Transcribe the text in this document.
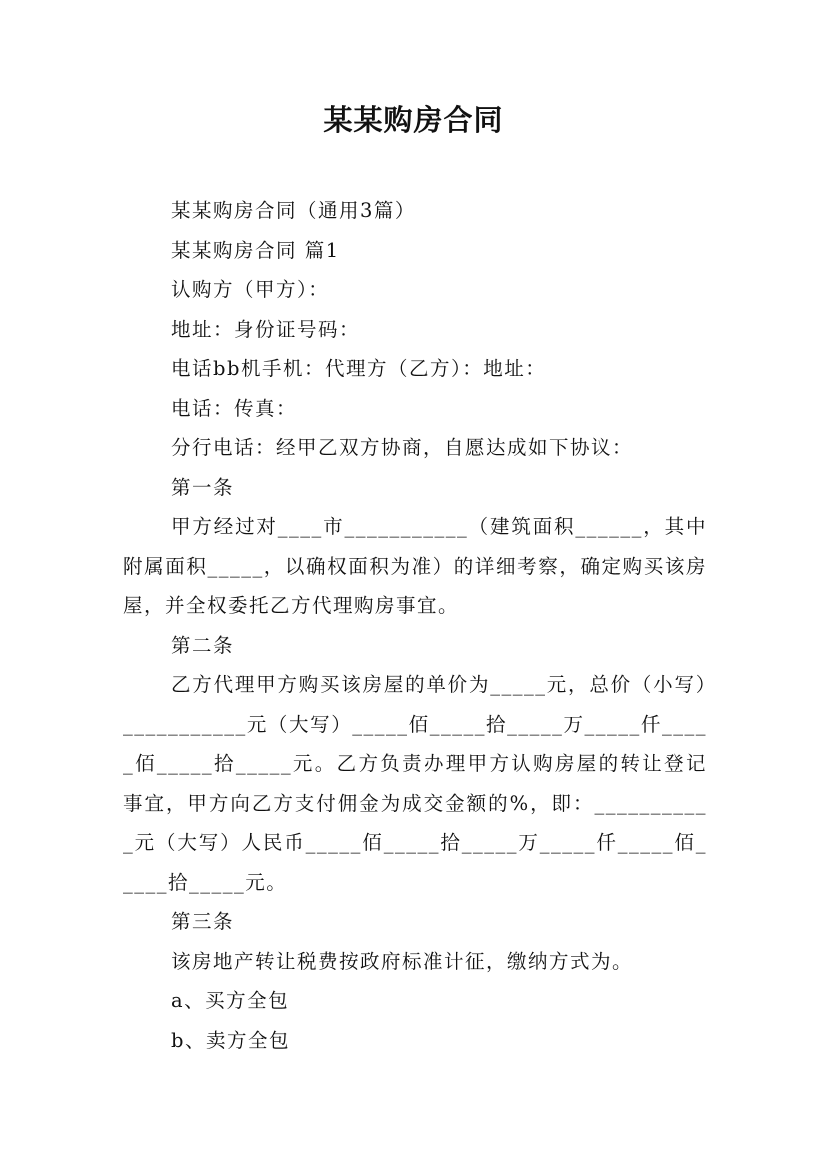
某某购房合同

某某购房合同（通用3篇）

某某购房合同 篇1

认购方（甲方）：

地址：身份证号码：

电话bb机手机：代理方（乙方）：地址：

电话：传真：

分行电话：经甲乙双方协商，自愿达成如下协议：

第一条

甲方经过对____市___________（建筑面积______，其中附属面积_____，以确权面积为准）的详细考察，确定购买该房屋，并全权委托乙方代理购房事宜。

第二条

乙方代理甲方购买该房屋的单价为_____元，总价（小写）___________元（大写）_____佰_____拾_____万_____仟_____佰_____拾_____元。乙方负责办理甲方认购房屋的转让登记事宜，甲方向乙方支付佣金为成交金额的%，即：___________元（大写）人民币_____佰_____拾_____万_____仟_____佰_____拾_____元。

第三条

该房地产转让税费按政府标准计征，缴纳方式为。

a、买方全包

b、卖方全包
